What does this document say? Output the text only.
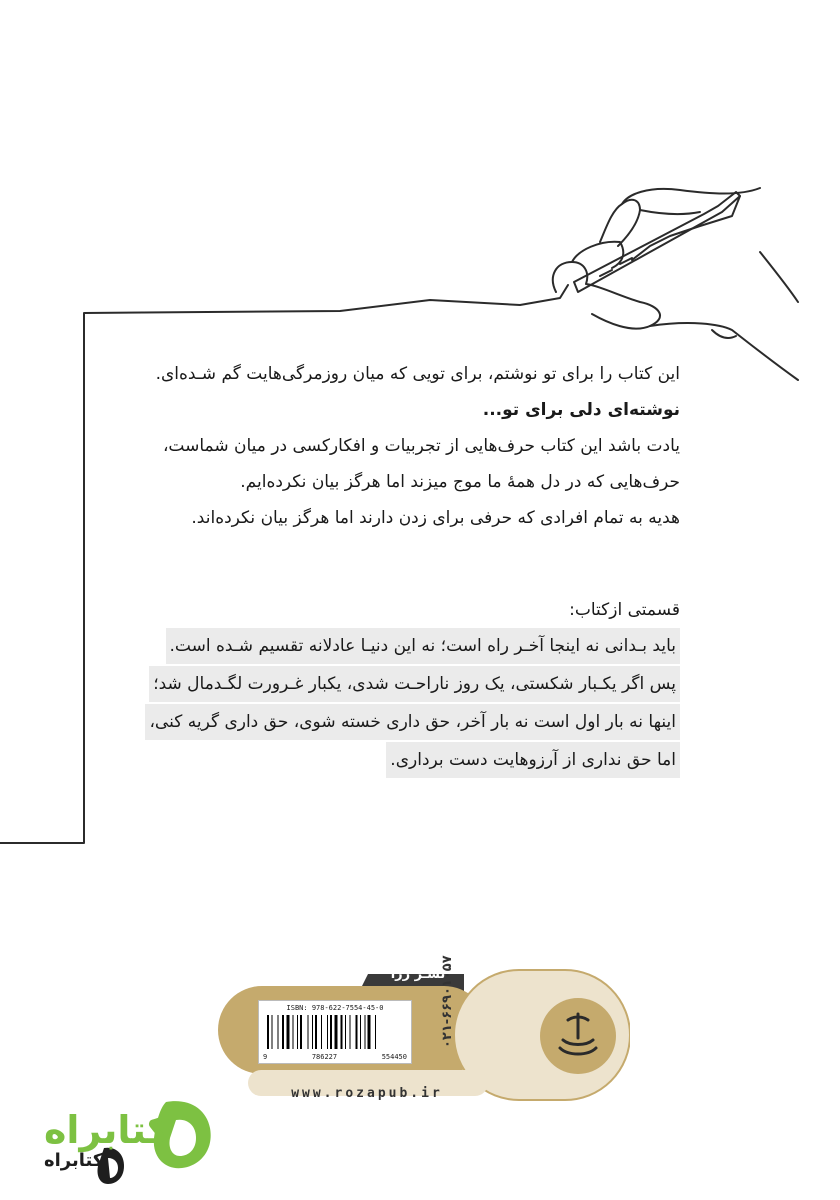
این کتاب را برای تو نوشتم، برای تویی که میان روزمرگی‌هایت گم شـده‌ای.
نوشته‌ای دلی برای تو...
یادت باشد این کتاب حرف‌هایی از تجربیات و افکارکسی در میان شماست،
حرف‌هایی که در دل همهٔ ما موج میزند اما هرگز بیان نکرده‌ایم.
هدیه به تمام افرادی که حرفی برای زدن دارند اما هرگز بیان نکرده‌اند.
قسمتی ازکتاب:
باید بـدانی نه اینجا آخـر راه است؛ نه این دنیـا عادلانه تقسیم شـده است.
پس اگر یکـبار شکستی، یک روز ناراحـت شدی، یکبار غـرورت لگـدمال شد؛
اینها نه بار اول است نه بار آخر، حق داری خسته شوی، حق داری گریه کنی،
اما حق نداری از آرزوهایت دست برداری.
نشـر رزا
ISBN: 978-622-7554-45-0
9	786227	554450
۰۲۱-۶۶۹۰۱۰۵۷
www.rozapub.ir
کتابراه
کتابراه
